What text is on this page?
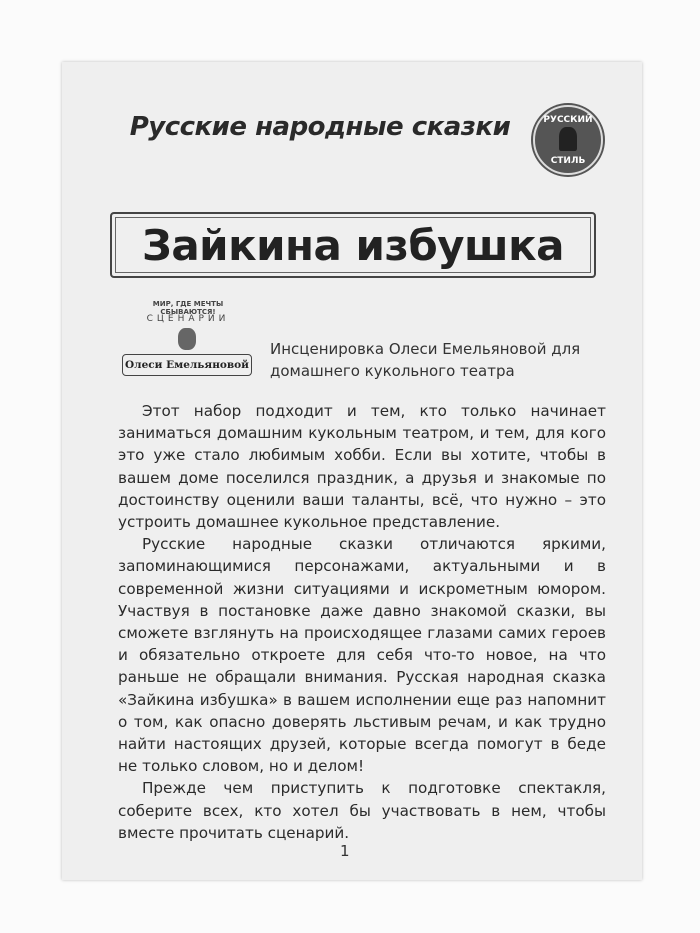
Русские народные сказки	РУССКИЙ
СТИЛЬ
Зайкина избушка
МИР, ГДЕ МЕЧТЫ СБЫВАЮТСЯ!
СЦЕНАРИИ
Олеси Емельяновой
Инсценировка Олеси Емельяновой для домашнего кукольного театра

Этот набор подходит и тем, кто только начинает заниматься домашним кукольным театром, и тем, для кого это уже стало любимым хобби. Если вы хотите, чтобы в вашем доме поселился праздник, а друзья и знакомые по достоинству оценили ваши таланты, всё, что нужно – это устроить домашнее кукольное представление.

Русские народные сказки отличаются яркими, запоминающимися персонажами, актуальными и в современной жизни ситуациями и искрометным юмором. Участвуя в постановке даже давно знакомой сказки, вы сможете взглянуть на происходящее глазами самих героев и обязательно откроете для себя что-то новое, на что раньше не обращали внимания. Русская народная сказка «Зайкина избушка» в вашем исполнении еще раз напомнит о том, как опасно доверять льстивым речам, и как трудно найти настоящих друзей, которые всегда помогут в беде не только словом, но и делом!

Прежде чем приступить к подготовке спектакля, соберите всех, кто хотел бы участвовать в нем, чтобы вместе прочитать сценарий.

1
